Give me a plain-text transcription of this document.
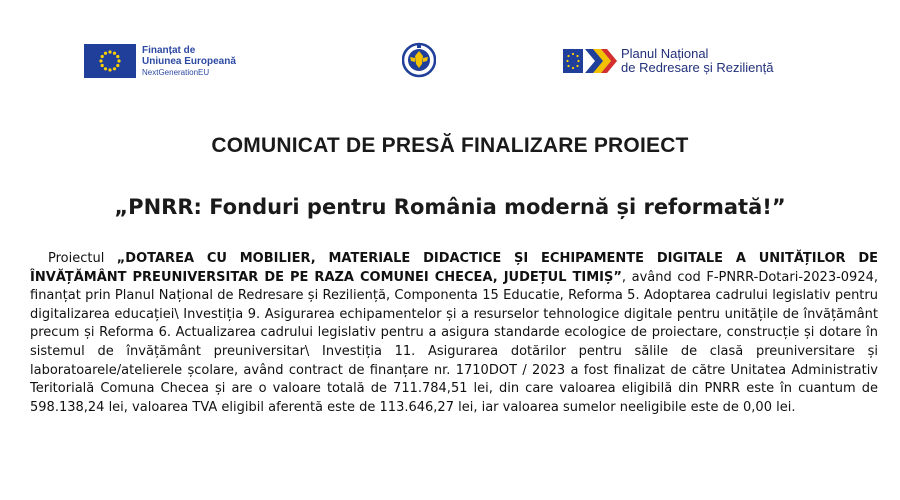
Finanțat de
Uniunea Europeană
NextGenerationEU
Planul Național
de Redresare și Reziliență
COMUNICAT DE PRESĂ FINALIZARE PROIECT
„PNRR: Fonduri pentru România modernă și reformată!”
Proiectul „DOTAREA CU MOBILIER, MATERIALE DIDACTICE ȘI ECHIPAMENTE DIGITALE A UNITĂȚILOR DE ÎNVĂȚĂMÂNT PREUNIVERSITAR DE PE RAZA COMUNEI CHECEA, JUDEȚUL TIMIȘ”, având cod F-PNRR-Dotari-2023-0924, finanțat prin Planul Național de Redresare și Reziliență, Componenta 15 Educatie, Reforma 5. Adoptarea cadrului legislativ pentru digitalizarea educației\ Investiția 9. Asigurarea echipamentelor și a resurselor tehnologice digitale pentru unitățile de învățământ precum și Reforma 6. Actualizarea cadrului legislativ pentru a asigura standarde ecologice de proiectare, construcție și dotare în sistemul de învățământ preuniversitar\ Investiția 11. Asigurarea dotărilor pentru sălile de clasă preuniversitare și laboratoarele/atelierele școlare, având contract de finanțare nr. 1710DOT / 2023 a fost finalizat de către Unitatea Administrativ Teritorială Comuna Checea și are o valoare totală de 711.784,51 lei, din care valoarea eligibilă din PNRR este în cuantum de 598.138,24 lei, valoarea TVA eligibil aferentă este de 113.646,27 lei, iar valoarea sumelor neeligibile este de 0,00 lei.
